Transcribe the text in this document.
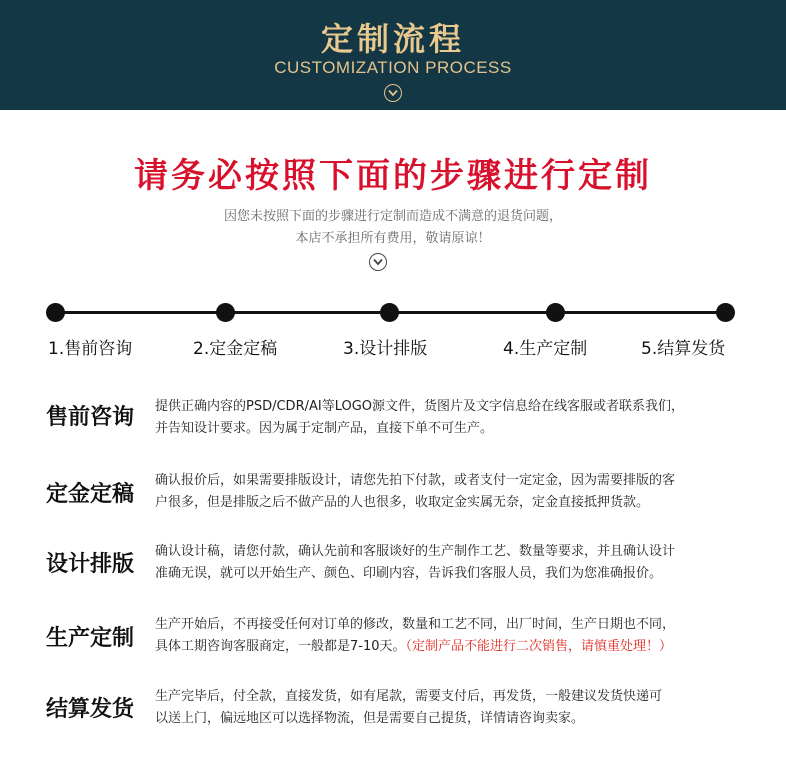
定制流程
CUSTOMIZATION PROCESS
请务必按照下面的步骤进行定制
因您未按照下面的步骤进行定制而造成不满意的退货问题，
本店不承担所有费用，敬请原谅！
1.售前咨询	2.定金定稿	3.设计排版	4.生产定制	5.结算发货
售前咨询 提供正确内容的PSD/CDR/AI等LOGO源文件，货图片及文字信息给在线客服或者联系我们，
并告知设计要求。因为属于定制产品，直接下单不可生产。
定金定稿
确认报价后，如果需要排版设计，请您先拍下付款，或者支付一定定金，因为需要排版的客
户很多，但是排版之后不做产品的人也很多，收取定金实属无奈，定金直接抵押货款。
设计排版
确认设计稿，请您付款，确认先前和客服谈好的生产制作工艺、数量等要求，并且确认设计
准确无误，就可以开始生产、颜色、印刷内容，告诉我们客服人员，我们为您准确报价。
生产定制
生产开始后，不再接受任何对订单的修改，数量和工艺不同，出厂时间，生产日期也不同，
具体工期咨询客服商定，一般都是7-10天。（定制产品不能进行二次销售，请慎重处理！）
结算发货
生产完毕后，付全款，直接发货，如有尾款，需要支付后，再发货，一般建议发货快递可
以送上门，偏远地区可以选择物流，但是需要自己提货，详情请咨询卖家。
